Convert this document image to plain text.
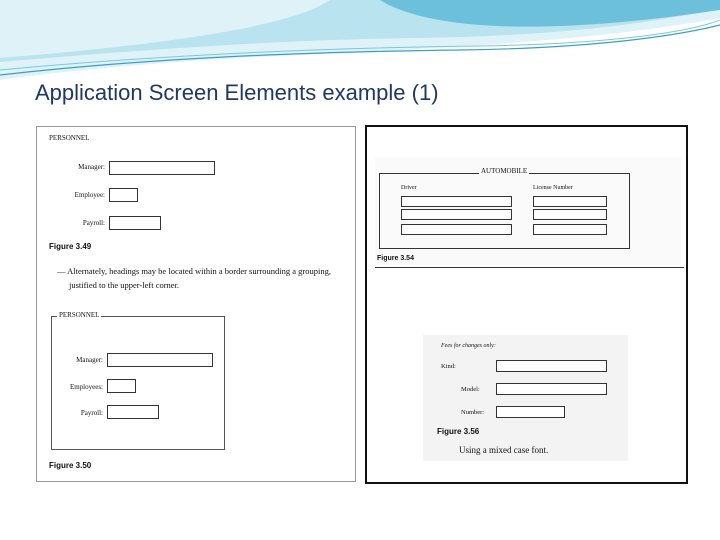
Application Screen Elements example (1)
PERSONNEL
Manager:
Employee:
Payroll:
Figure 3.49
— Alternately, headings may be located within a border surrounding a grouping,
justified to the upper-left corner.
PERSONNEL
Manager:
Employees:
Payroll:
Figure 3.50
AUTOMOBILE
Driver	License Number
Figure 3.54
Fees for changes only:
Kind:
Model:
Number:
Figure 3.56
Using a mixed case font.
